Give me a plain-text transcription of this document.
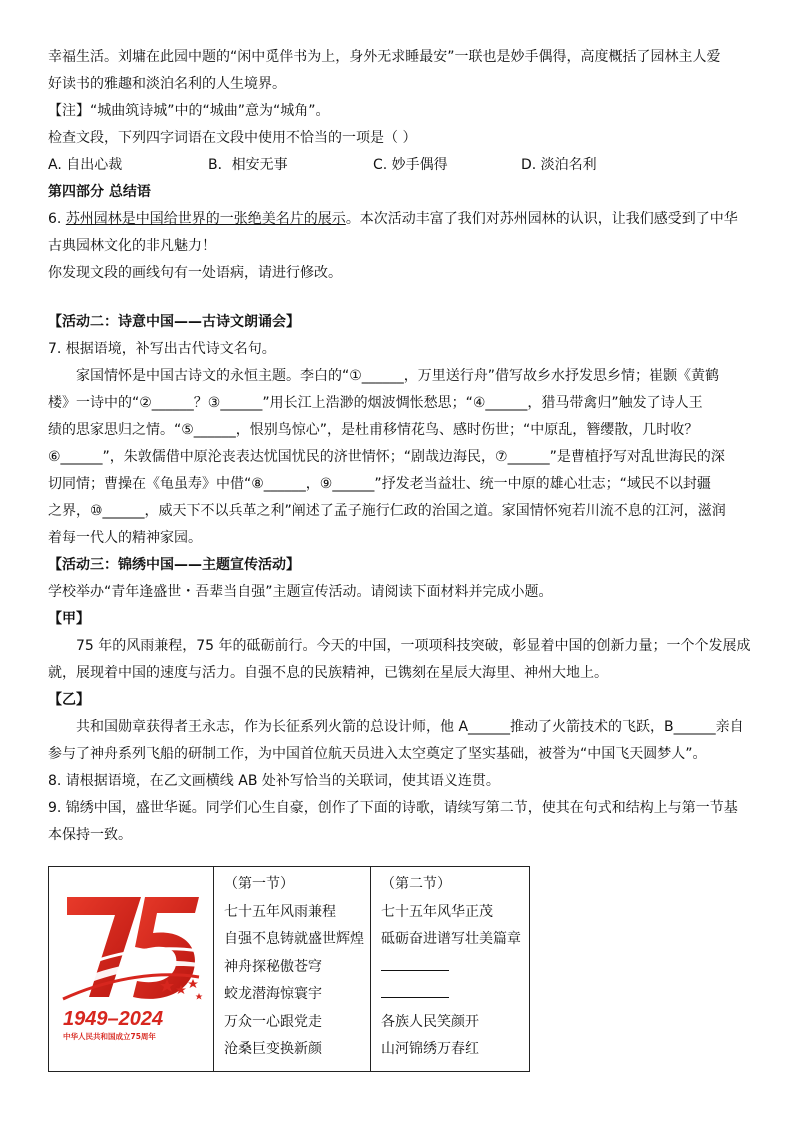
幸福生活。刘墉在此园中题的“闲中觅伴书为上，身外无求睡最安”一联也是妙手偶得，高度概括了园林主人爱

好读书的雅趣和淡泊名利的人生境界。

【注】“城曲筑诗城”中的“城曲”意为“城角”。

检查文段，下列四字词语在文段中使用不恰当的一项是（ ）

A. 自出心裁	B．相安无事	C. 妙手偶得	D. 淡泊名利

第四部分 总结语

6. 苏州园林是中国给世界的一张绝美名片的展示。本次活动丰富了我们对苏州园林的认识，让我们感受到了中华

古典园林文化的非凡魅力！

你发现文段的画线句有一处语病，请进行修改。

【活动二：诗意中国——古诗文朗诵会】

7. 根据语境，补写出古代诗文名句。

家国情怀是中国古诗文的永恒主题。李白的“①______，万里送行舟”借写故乡水抒发思乡情；崔颢《黄鹤

楼》一诗中的“②______？③______”用长江上浩渺的烟波惆怅愁思；“④______，猎马带禽归”触发了诗人王

绩的思家思归之情。“⑤______，恨别鸟惊心”，是杜甫移情花鸟、感时伤世；“中原乱，簪缨散，几时收？

⑥______”，朱敦儒借中原沦丧表达忧国忧民的济世情怀；“剧哉边海民，⑦______”是曹植抒写对乱世海民的深

切同情；曹操在《龟虽寿》中借“⑧______，⑨______”抒发老当益壮、统一中原的雄心壮志；“域民不以封疆

之界，⑩______，威天下不以兵革之利”阐述了孟子施行仁政的治国之道。家国情怀宛若川流不息的江河，滋润

着每一代人的精神家园。

【活动三：锦绣中国——主题宣传活动】

学校举办“青年逢盛世・吾辈当自强”主题宣传活动。请阅读下面材料并完成小题。

【甲】

75 年的风雨兼程，75 年的砥砺前行。今天的中国，一项项科技突破，彰显着中国的创新力量；一个个发展成

就，展现着中国的速度与活力。自强不息的民族精神，已镌刻在星辰大海里、神州大地上。

【乙】

共和国勋章获得者王永志，作为长征系列火箭的总设计师，他 A______推动了火箭技术的飞跃，B______亲自

参与了神舟系列飞船的研制工作，为中国首位航天员进入太空奠定了坚实基础，被誉为“中国飞天圆梦人”。

8. 请根据语境，在乙文画横线 AB 处补写恰当的关联词，使其语义连贯。

9. 锦绣中国，盛世华诞。同学们心生自豪，创作了下面的诗歌，请续写第二节，使其在句式和结构上与第一节基

本保持一致。

1949–2024
中华人民共和国成立75周年

（第一节）
七十五年风雨兼程
自强不息铸就盛世辉煌
神舟探秘傲苍穹
蛟龙潜海惊寰宇
万众一心跟党走
沧桑巨变换新颜

（第二节）
七十五年风华正茂
砥砺奋进谱写壮美篇章
各族人民笑颜开
山河锦绣万春红
